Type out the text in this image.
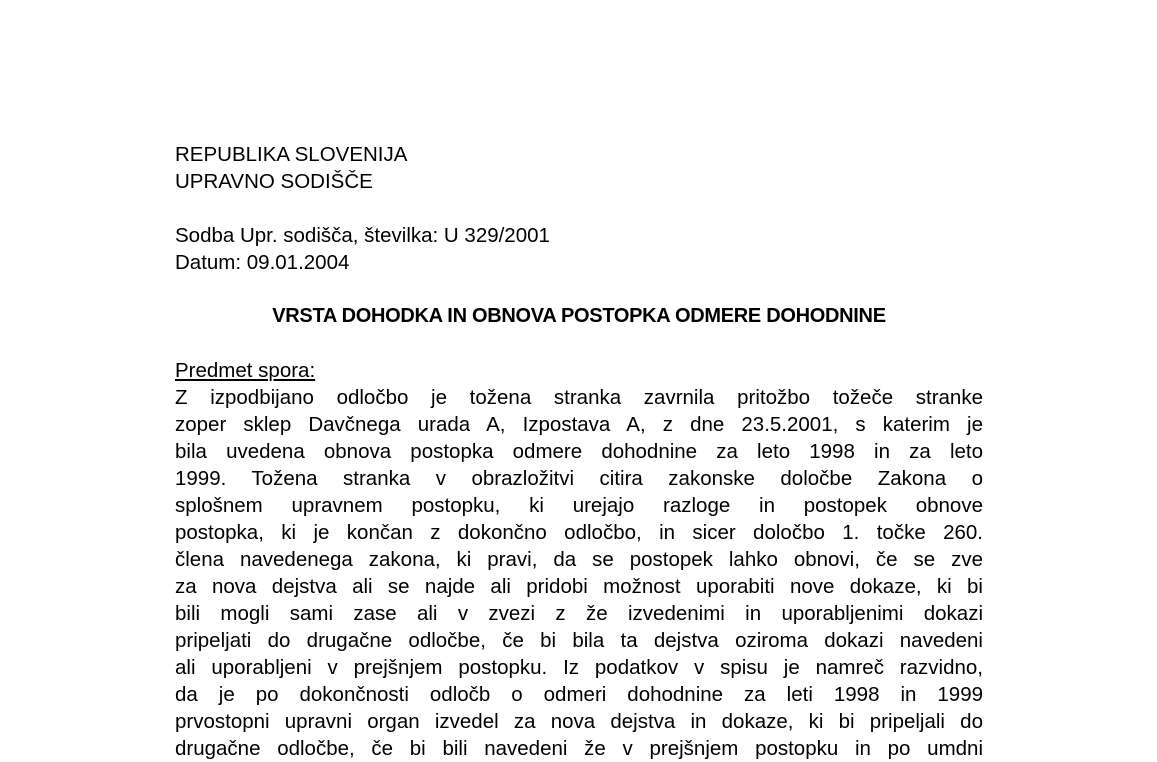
REPUBLIKA SLOVENIJA
UPRAVNO SODIŠČE
Sodba Upr. sodišča, številka: U 329/2001
Datum: 09.01.2004
VRSTA DOHODKA IN OBNOVA POSTOPKA ODMERE DOHODNINE
Predmet spora:
Z izpodbijano odločbo je tožena stranka zavrnila pritožbo tožeče stranke
zoper sklep Davčnega urada A, Izpostava A, z dne 23.5.2001, s katerim je
bila uvedena obnova postopka odmere dohodnine za leto 1998 in za leto
1999. Tožena stranka v obrazložitvi citira zakonske določbe Zakona o
splošnem upravnem postopku, ki urejajo razloge in postopek obnove
postopka, ki je končan z dokončno odločbo, in sicer določbo 1. točke 260.
člena navedenega zakona, ki pravi, da se postopek lahko obnovi, če se zve
za nova dejstva ali se najde ali pridobi možnost uporabiti nove dokaze, ki bi
bili mogli sami zase ali v zvezi z že izvedenimi in uporabljenimi dokazi
pripeljati do drugačne odločbe, če bi bila ta dejstva oziroma dokazi navedeni
ali uporabljeni v prejšnjem postopku. Iz podatkov v spisu je namreč razvidno,
da je po dokončnosti odločb o odmeri dohodnine za leti 1998 in 1999
prvostopni upravni organ izvedel za nova dejstva in dokaze, ki bi pripeljali do
drugačne odločbe, če bi bili navedeni že v prejšnjem postopku in po umdni
